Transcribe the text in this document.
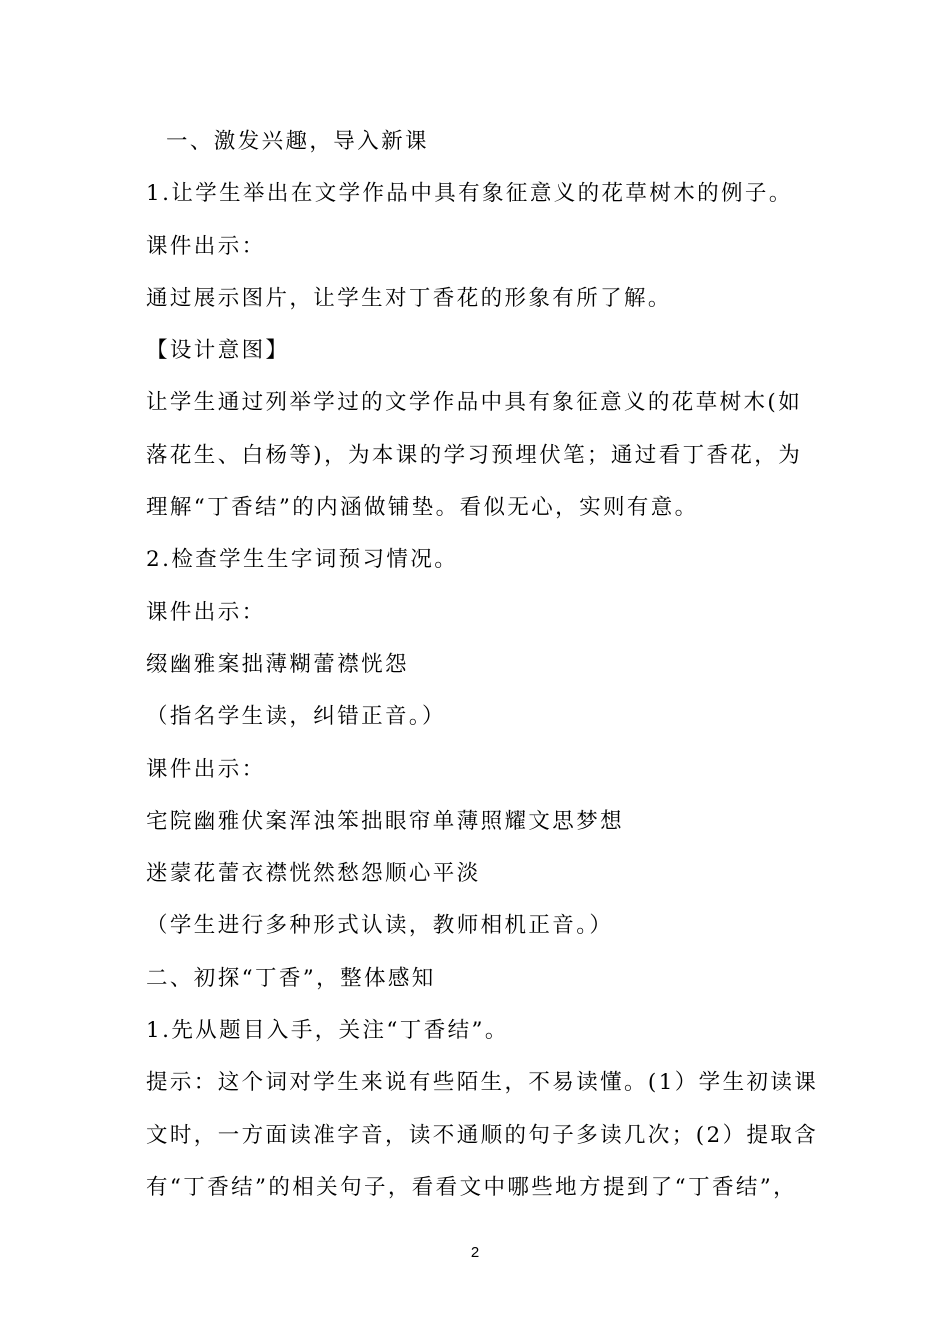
一、激发兴趣，导入新课
1.让学生举出在文学作品中具有象征意义的花草树木的例子。
课件出示：
通过展示图片，让学生对丁香花的形象有所了解。
【设计意图】
让学生通过列举学过的文学作品中具有象征意义的花草树木(如
落花生、白杨等)，为本课的学习预埋伏笔；通过看丁香花，为
理解“丁香结”的内涵做铺垫。看似无心，实则有意。
2.检查学生生字词预习情况。
课件出示：
缀幽雅案拙薄糊蕾襟恍怨
（指名学生读，纠错正音。）
课件出示：
宅院幽雅伏案浑浊笨拙眼帘单薄照耀文思梦想
迷蒙花蕾衣襟恍然愁怨顺心平淡
（学生进行多种形式认读，教师相机正音。）
二、初探“丁香”，整体感知
1.先从题目入手，关注“丁香结”。
提示：这个词对学生来说有些陌生，不易读懂。(1）学生初读课
文时，一方面读准字音，读不通顺的句子多读几次；(2）提取含
有“丁香结”的相关句子，看看文中哪些地方提到了“丁香结”，
2
